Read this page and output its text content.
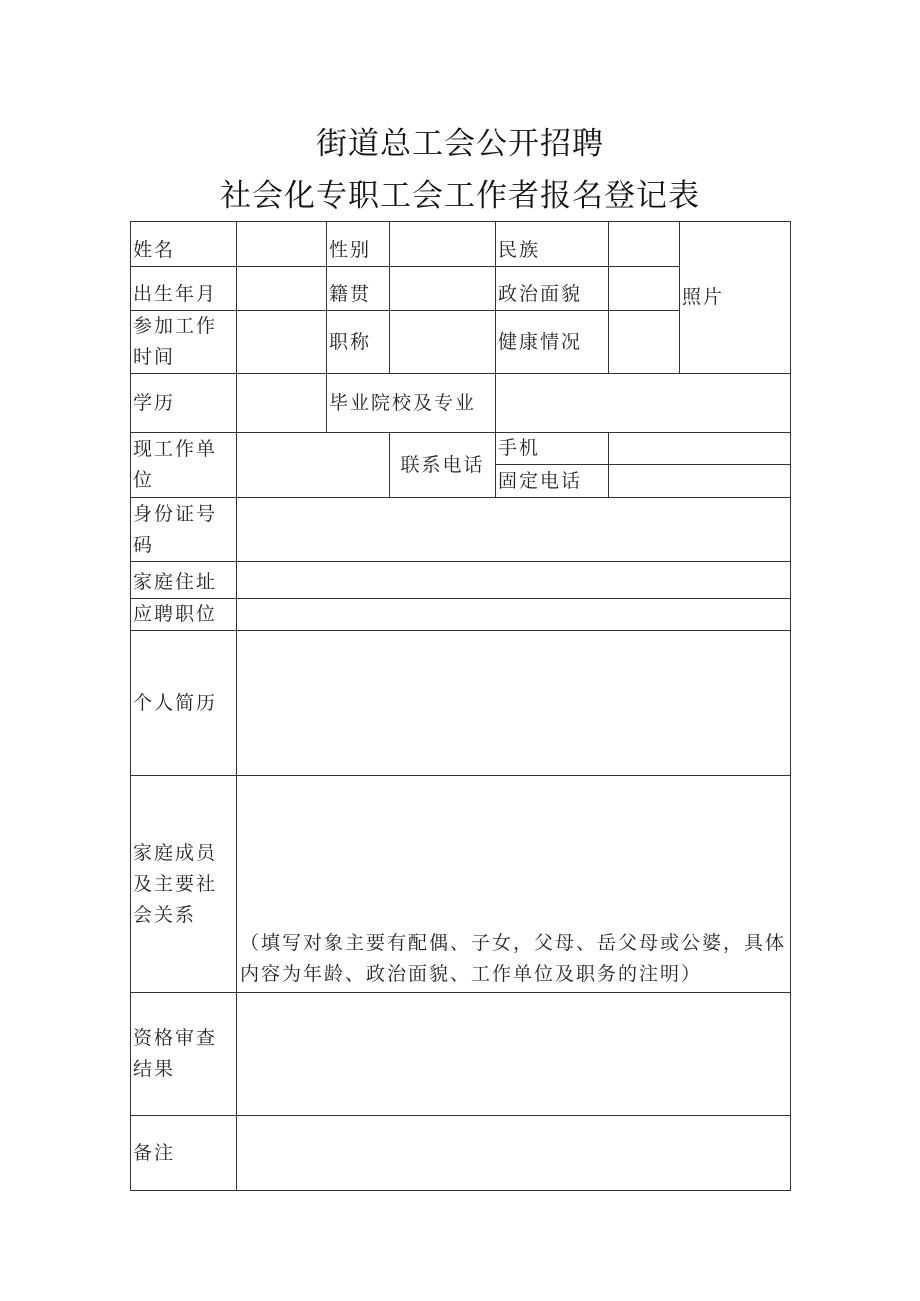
街道总工会公开招聘
社会化专职工会工作者报名登记表
姓名		性别		民族		照片
出生年月		籍贯		政治面貌		
参加工作时间		职称		健康情况		
学历		毕业院校及专业				
现工作单位			联系电话	手机		
				固定电话		
身份证号码						
家庭住址						
应聘职位						
个人简历						
家庭成员及主要社会关系	（填写对象主要有配偶、子女，父母、岳父母或公婆，具体内容为年龄、政治面貌、工作单位及职务的注明）					

资格审查结果						
备注						
